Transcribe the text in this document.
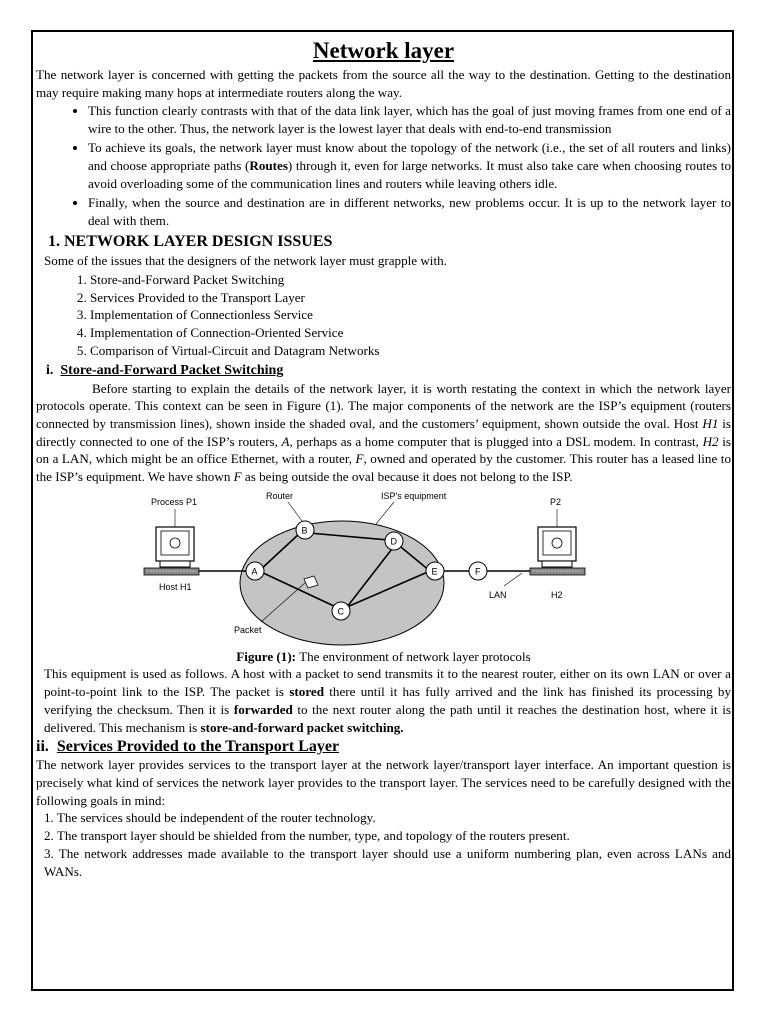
Network layer

The network layer is concerned with getting the packets from the source all the way to the destination. Getting to the destination may require making many hops at intermediate routers along the way.

• This function clearly contrasts with that of the data link layer, which has the goal of just moving frames from one end of a wire to the other. Thus, the network layer is the lowest layer that deals with end-to-end transmission
• To achieve its goals, the network layer must know about the topology of the network (i.e., the set of all routers and links) and choose appropriate paths (Routes) through it, even for large networks. It must also take care when choosing routes to avoid overloading some of the communication lines and routers while leaving others idle.
• Finally, when the source and destination are in different networks, new problems occur. It is up to the network layer to deal with them.
1. NETWORK LAYER DESIGN ISSUES

Some of the issues that the designers of the network layer must grapple with.

1. Store-and-Forward Packet Switching
2. Services Provided to the Transport Layer
3. Implementation of Connectionless Service
4. Implementation of Connection-Oriented Service
5. Comparison of Virtual-Circuit and Datagram Networks
i. Store-and-Forward Packet Switching

Before starting to explain the details of the network layer, it is worth restating the context in which the network layer protocols operate. This context can be seen in Figure (1). The major components of the network are the ISP’s equipment (routers connected by transmission lines), shown inside the shaded oval, and the customers’ equipment, shown outside the oval. Host H1 is directly connected to one of the ISP’s routers, A, perhaps as a home computer that is plugged into a DSL modem. In contrast, H2 is on a LAN, which might be an office Ethernet, with a router, F, owned and operated by the customer. This router has a leased line to the ISP’s equipment. We have shown F as being outside the oval because it does not belong to the ISP.

A
B
C
D
E	F
Process P1
Router	ISP's equipment
P2
Host H1
Packet
LAN	H2

Figure (1): The environment of network layer protocols

This equipment is used as follows. A host with a packet to send transmits it to the nearest router, either on its own LAN or over a point-to-point link to the ISP. The packet is stored there until it has fully arrived and the link has finished its processing by verifying the checksum. Then it is forwarded to the next router along the path until it reaches the destination host, where it is delivered. This mechanism is store-and-forward packet switching.

ii. Services Provided to the Transport Layer

The network layer provides services to the transport layer at the network layer/transport layer interface. An important question is precisely what kind of services the network layer provides to the transport layer. The services need to be carefully designed with the following goals in mind:

1. The services should be independent of the router technology.
2. The transport layer should be shielded from the number, type, and topology of the routers present.
3. The network addresses made available to the transport layer should use a uniform numbering plan, even across LANs and WANs.
